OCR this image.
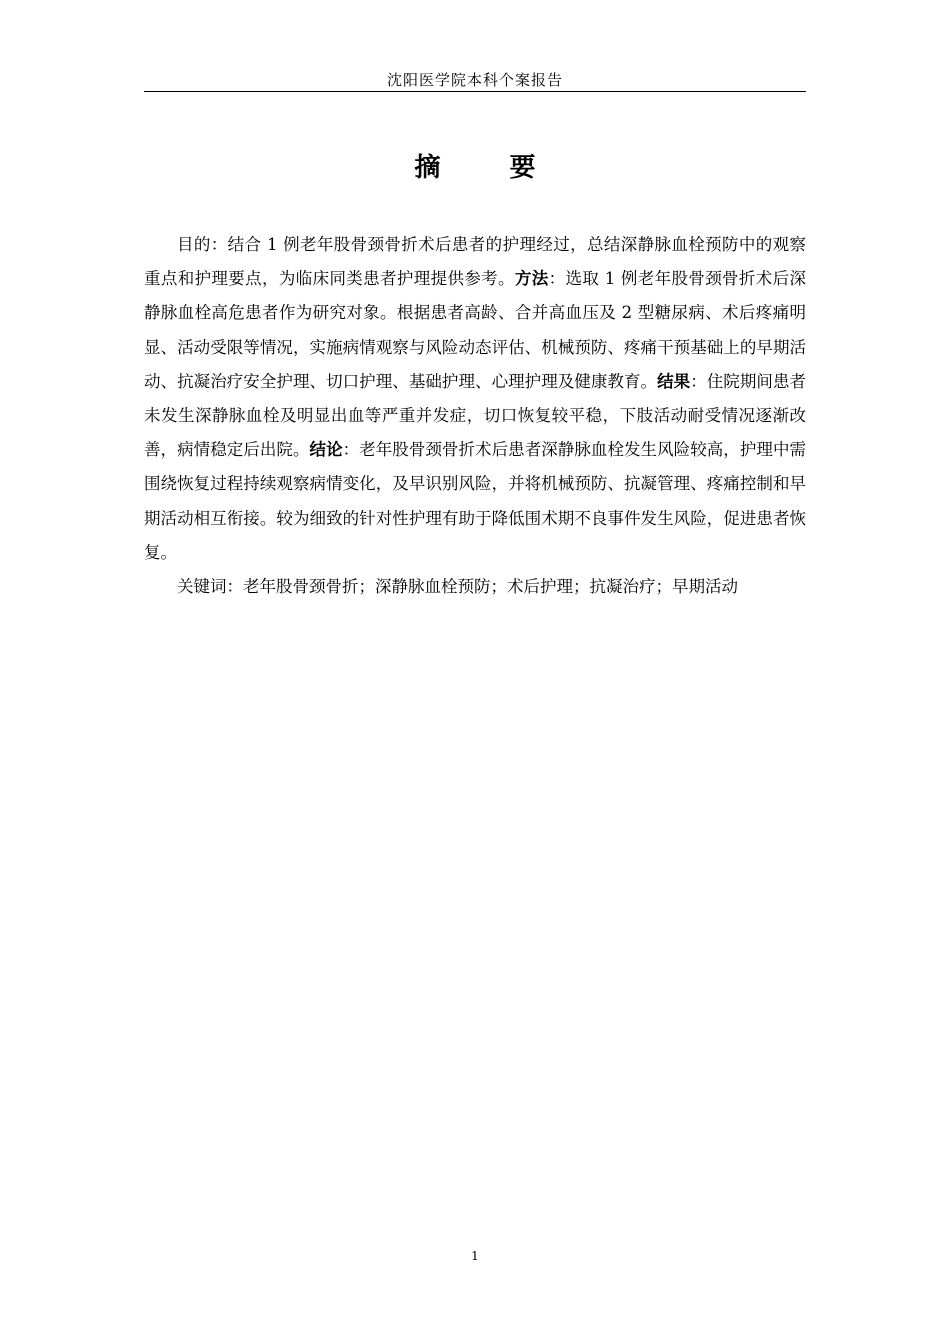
沈阳医学院本科个案报告
摘 要

目的：结合 1 例老年股骨颈骨折术后患者的护理经过，总结深静脉血栓预防中的观察重点和护理要点，为临床同类患者护理提供参考。方法：选取 1 例老年股骨颈骨折术后深静脉血栓高危患者作为研究对象。根据患者高龄、合并高血压及 2 型糖尿病、术后疼痛明显、活动受限等情况，实施病情观察与风险动态评估、机械预防、疼痛干预基础上的早期活动、抗凝治疗安全护理、切口护理、基础护理、心理护理及健康教育。结果：住院期间患者未发生深静脉血栓及明显出血等严重并发症，切口恢复较平稳，下肢活动耐受情况逐渐改善，病情稳定后出院。结论：老年股骨颈骨折术后患者深静脉血栓发生风险较高，护理中需围绕恢复过程持续观察病情变化，及早识别风险，并将机械预防、抗凝管理、疼痛控制和早期活动相互衔接。较为细致的针对性护理有助于降低围术期不良事件发生风险，促进患者恢复。

关键词：老年股骨颈骨折；深静脉血栓预防；术后护理；抗凝治疗；早期活动

1
